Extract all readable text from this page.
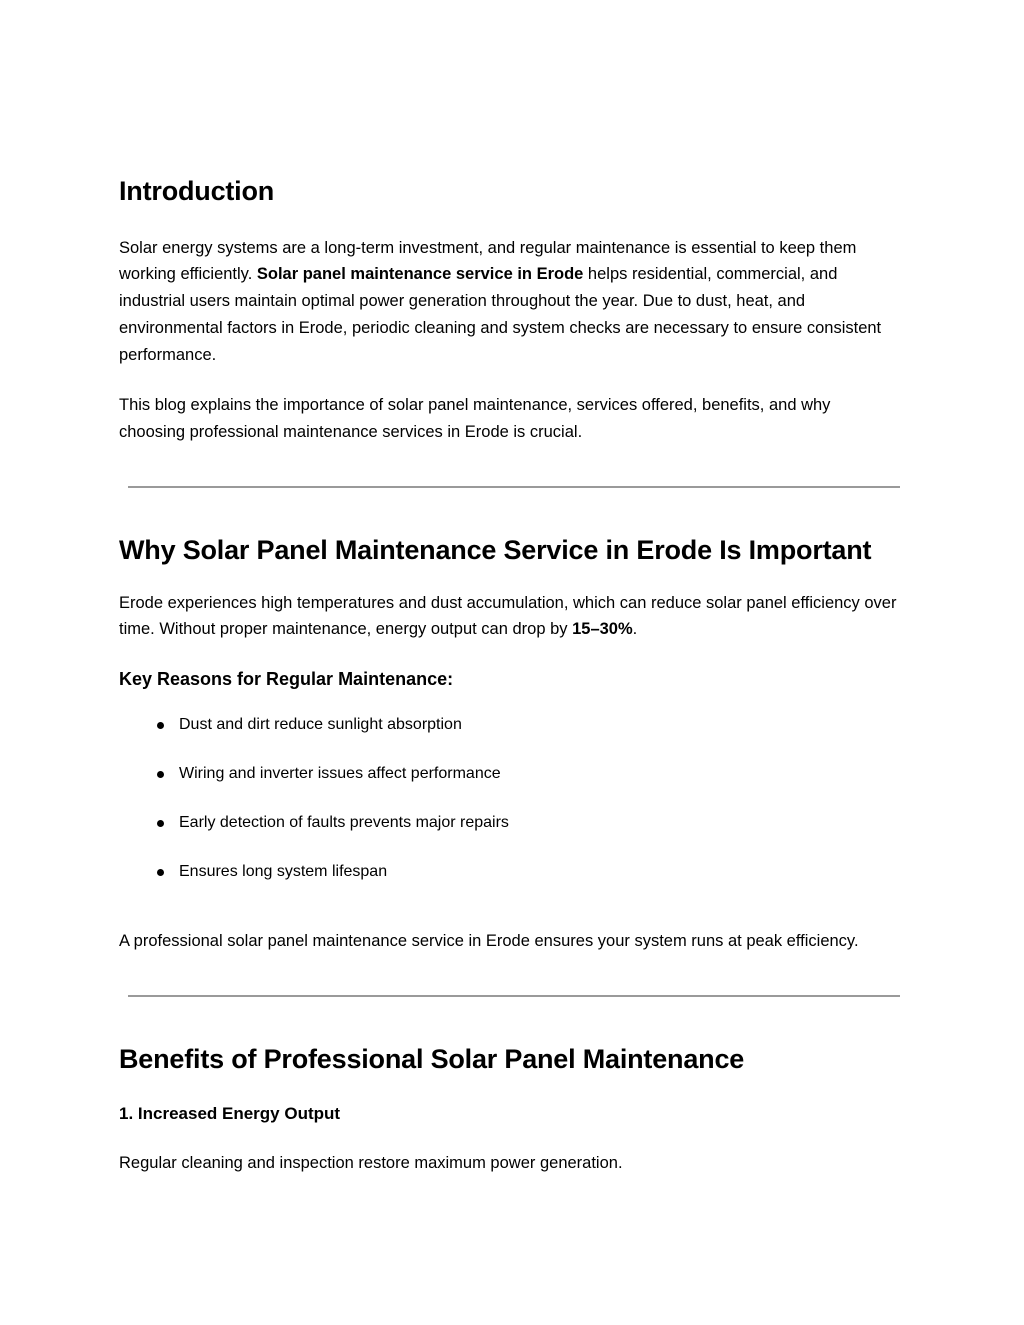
Introduction

Solar energy systems are a long-term investment, and regular maintenance is essential to keep them working efficiently. Solar panel maintenance service in Erode helps residential, commercial, and industrial users maintain optimal power generation throughout the year. Due to dust, heat, and environmental factors in Erode, periodic cleaning and system checks are necessary to ensure consistent performance.

This blog explains the importance of solar panel maintenance, services offered, benefits, and why choosing professional maintenance services in Erode is crucial.

Why Solar Panel Maintenance Service in Erode Is Important

Erode experiences high temperatures and dust accumulation, which can reduce solar panel efficiency over time. Without proper maintenance, energy output can drop by 15–30%.

Key Reasons for Regular Maintenance:
Dust and dirt reduce sunlight absorption
Wiring and inverter issues affect performance
Early detection of faults prevents major repairs
Ensures long system lifespan

A professional solar panel maintenance service in Erode ensures your system runs at peak efficiency.

Benefits of Professional Solar Panel Maintenance
1. Increased Energy Output

Regular cleaning and inspection restore maximum power generation.
